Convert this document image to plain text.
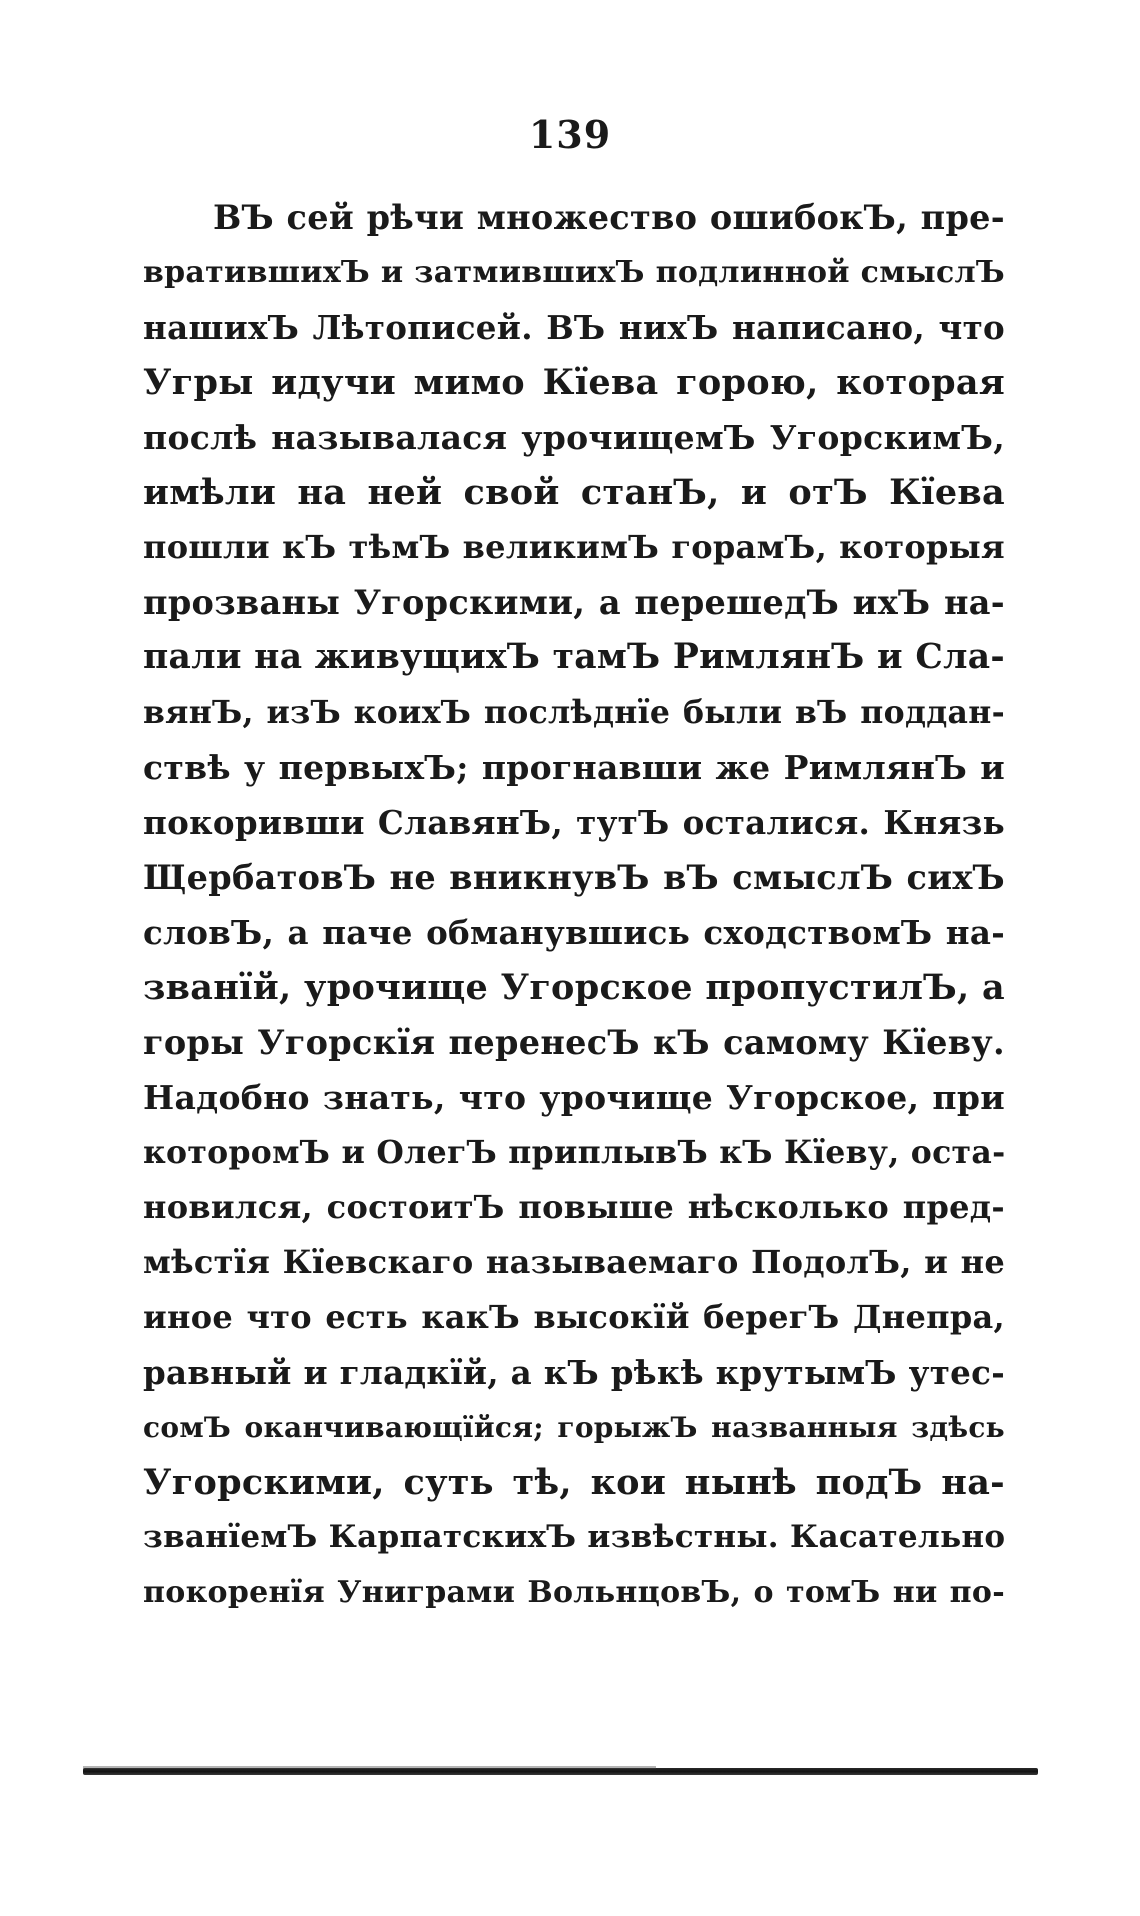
139
ВЪ сей рѣчи множество ошибокЪ, пре-
вратившихЪ и затмившихЪ подлинной смыслЪ
нашихЪ Лѣтописей. ВЪ нихЪ написано, что
Угры идучи мимо Кїева горою, которая
послѣ называлася урочищемЪ УгорскимЪ,
имѣли на ней свой станЪ, и отЪ Кїева
пошли кЪ тѣмЪ великимЪ горамЪ, которыя
прозваны Угорскими, а перешедЪ ихЪ на-
пали на живущихЪ тамЪ РимлянЪ и Сла-
вянЪ, изЪ коихЪ послѣднїе были вЪ поддан-
ствѣ у первыхЪ; прогнавши же РимлянЪ и
покоривши СлавянЪ, тутЪ осталися. Князь
ЩербатовЪ не вникнувЪ вЪ смыслЪ сихЪ
словЪ, а паче обманувшись сходствомЪ на-
званїй, урочище Угорское пропустилЪ, а
горы Угорскїя перенесЪ кЪ самому Кїеву.
Надобно знать, что урочище Угорское, при
которомЪ и ОлегЪ приплывЪ кЪ Кїеву, оста-
новился, состоитЪ повыше нѣсколько пред-
мѣстїя Кїевскаго называемаго ПодолЪ, и не
иное что есть какЪ высокїй берегЪ Днепра,
равный и гладкїй, а кЪ рѣкѣ крутымЪ утес-
сомЪ оканчивающїйся; горыжЪ названныя здѣсь
Угорскими, суть тѣ, кои нынѣ подЪ на-
званїемЪ КарпатскихЪ извѣстны. Касательно
покоренїя Униграми ВольнцовЪ, о томЪ ни по-
